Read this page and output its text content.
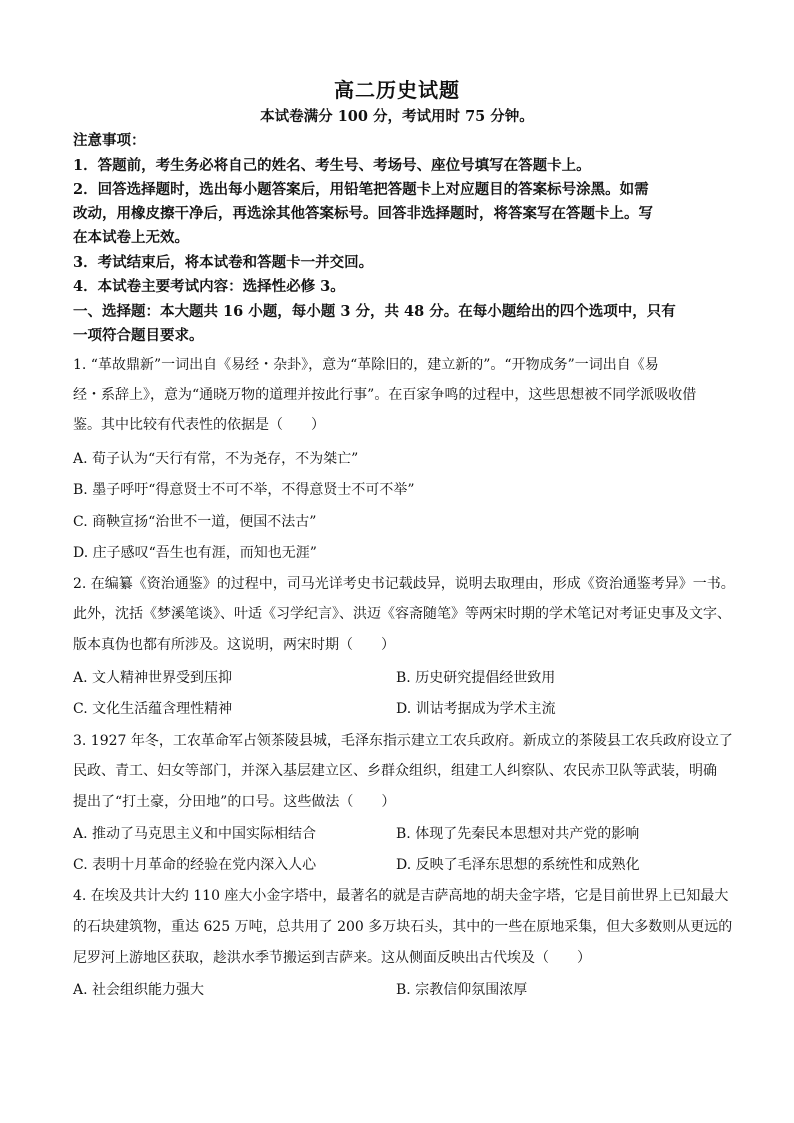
高二历史试题
本试卷满分 100 分，考试用时 75 分钟。
注意事项：
1．答题前，考生务必将自己的姓名、考生号、考场号、座位号填写在答题卡上。
2．回答选择题时，选出每小题答案后，用铅笔把答题卡上对应题目的答案标号涂黑。如需
改动，用橡皮擦干净后，再选涂其他答案标号。回答非选择题时，将答案写在答题卡上。写
在本试卷上无效。
3．考试结束后，将本试卷和答题卡一并交回。
4．本试卷主要考试内容：选择性必修 3。
一、选择题：本大题共 16 小题，每小题 3 分，共 48 分。在每小题给出的四个选项中，只有
一项符合题目要求。
1. “革故鼎新”一词出自《易经・杂卦》，意为“革除旧的，建立新的”。“开物成务”一词出自《易
经・系辞上》，意为“通晓万物的道理并按此行事”。在百家争鸣的过程中，这些思想被不同学派吸收借
鉴。其中比较有代表性的依据是（　　）
A. 荀子认为“天行有常，不为尧存，不为桀亡”
B. 墨子呼吁“得意贤士不可不举，不得意贤士不可不举”
C. 商鞅宣扬“治世不一道，便国不法古”
D. 庄子感叹“吾生也有涯，而知也无涯”
2. 在编纂《资治通鉴》的过程中，司马光详考史书记载歧异，说明去取理由，形成《资治通鉴考异》一书。
此外，沈括《梦溪笔谈》、叶适《习学纪言》、洪迈《容斋随笔》等两宋时期的学术笔记对考证史事及文字、
版本真伪也都有所涉及。这说明，两宋时期（　　）
A. 文人精神世界受到压抑	B. 历史研究提倡经世致用
C. 文化生活蕴含理性精神	D. 训诂考据成为学术主流
3. 1927 年冬，工农革命军占领茶陵县城，毛泽东指示建立工农兵政府。新成立的茶陵县工农兵政府设立了
民政、青工、妇女等部门，并深入基层建立区、乡群众组织，组建工人纠察队、农民赤卫队等武装，明确
提出了“打土豪，分田地”的口号。这些做法（　　）
A. 推动了马克思主义和中国实际相结合	B. 体现了先秦民本思想对共产党的影响
C. 表明十月革命的经验在党内深入人心	D. 反映了毛泽东思想的系统性和成熟化
4. 在埃及共计大约 110 座大小金字塔中，最著名的就是吉萨高地的胡夫金字塔，它是目前世界上已知最大
的石块建筑物，重达 625 万吨，总共用了 200 多万块石头，其中的一些在原地采集，但大多数则从更远的
尼罗河上游地区获取，趁洪水季节搬运到吉萨来。这从侧面反映出古代埃及（　　）
A. 社会组织能力强大	B. 宗教信仰氛围浓厚
